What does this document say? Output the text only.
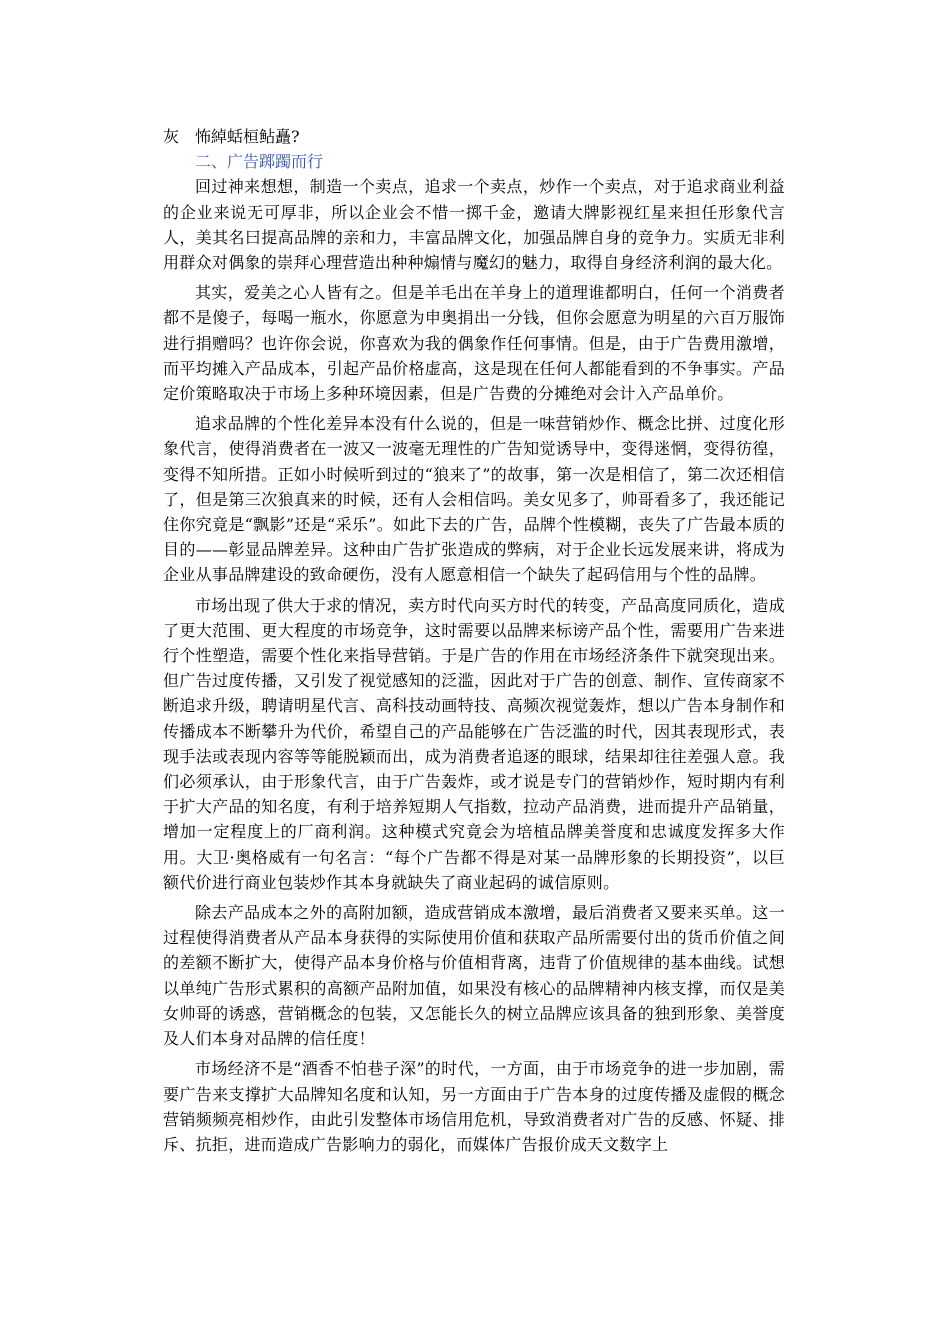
灰 怖綽蛞桓鲇矗?

二、广告踯躅而行

回过神来想想，制造一个卖点，追求一个卖点，炒作一个卖点，对于追求商业利益的企业来说无可厚非，所以企业会不惜一掷千金，邀请大牌影视红星来担任形象代言人，美其名曰提高品牌的亲和力，丰富品牌文化，加强品牌自身的竞争力。实质无非利用群众对偶象的崇拜心理营造出种种煽情与魔幻的魅力，取得自身经济利润的最大化。

其实，爱美之心人皆有之。但是羊毛出在羊身上的道理谁都明白，任何一个消费者都不是傻子，每喝一瓶水，你愿意为申奥捐出一分钱，但你会愿意为明星的六百万服饰进行捐赠吗？也许你会说，你喜欢为我的偶象作任何事情。但是，由于广告费用激增，而平均摊入产品成本，引起产品价格虚高，这是现在任何人都能看到的不争事实。产品定价策略取决于市场上多种环境因素，但是广告费的分摊绝对会计入产品单价。

追求品牌的个性化差异本没有什么说的，但是一味营销炒作、概念比拼、过度化形象代言，使得消费者在一波又一波毫无理性的广告知觉诱导中，变得迷惘，变得彷徨，变得不知所措。正如小时候听到过的“狼来了”的故事，第一次是相信了，第二次还相信了，但是第三次狼真来的时候，还有人会相信吗。美女见多了，帅哥看多了，我还能记住你究竟是“飘影”还是“采乐”。如此下去的广告，品牌个性模糊，丧失了广告最本质的目的——彰显品牌差异。这种由广告扩张造成的弊病，对于企业长远发展来讲，将成为企业从事品牌建设的致命硬伤，没有人愿意相信一个缺失了起码信用与个性的品牌。

市场出现了供大于求的情况，卖方时代向买方时代的转变，产品高度同质化，造成了更大范围、更大程度的市场竞争，这时需要以品牌来标谤产品个性，需要用广告来进行个性塑造，需要个性化来指导营销。于是广告的作用在市场经济条件下就突现出来。但广告过度传播，又引发了视觉感知的泛滥，因此对于广告的创意、制作、宣传商家不断追求升级，聘请明星代言、高科技动画特技、高频次视觉轰炸，想以广告本身制作和传播成本不断攀升为代价，希望自己的产品能够在广告泛滥的时代，因其表现形式，表现手法或表现内容等等能脱颖而出，成为消费者追逐的眼球，结果却往往差强人意。我们必须承认，由于形象代言，由于广告轰炸，或才说是专门的营销炒作，短时期内有利于扩大产品的知名度，有利于培养短期人气指数，拉动产品消费，进而提升产品销量，增加一定程度上的厂商利润。这种模式究竟会为培植品牌美誉度和忠诚度发挥多大作用。大卫·奥格威有一句名言：“每个广告都不得是对某一品牌形象的长期投资”，以巨额代价进行商业包装炒作其本身就缺失了商业起码的诚信原则。

除去产品成本之外的高附加额，造成营销成本激增，最后消费者又要来买单。这一过程使得消费者从产品本身获得的实际使用价值和获取产品所需要付出的货币价值之间的差额不断扩大，使得产品本身价格与价值相背离，违背了价值规律的基本曲线。试想以单纯广告形式累积的高额产品附加值，如果没有核心的品牌精神内核支撑，而仅是美女帅哥的诱惑，营销概念的包装，又怎能长久的树立品牌应该具备的独到形象、美誉度及人们本身对品牌的信任度！

市场经济不是“酒香不怕巷子深”的时代，一方面，由于市场竞争的进一步加剧，需要广告来支撑扩大品牌知名度和认知，另一方面由于广告本身的过度传播及虚假的概念营销频频亮相炒作，由此引发整体市场信用危机，导致消费者对广告的反感、怀疑、排斥、抗拒，进而造成广告影响力的弱化，而媒体广告报价成天文数字上
